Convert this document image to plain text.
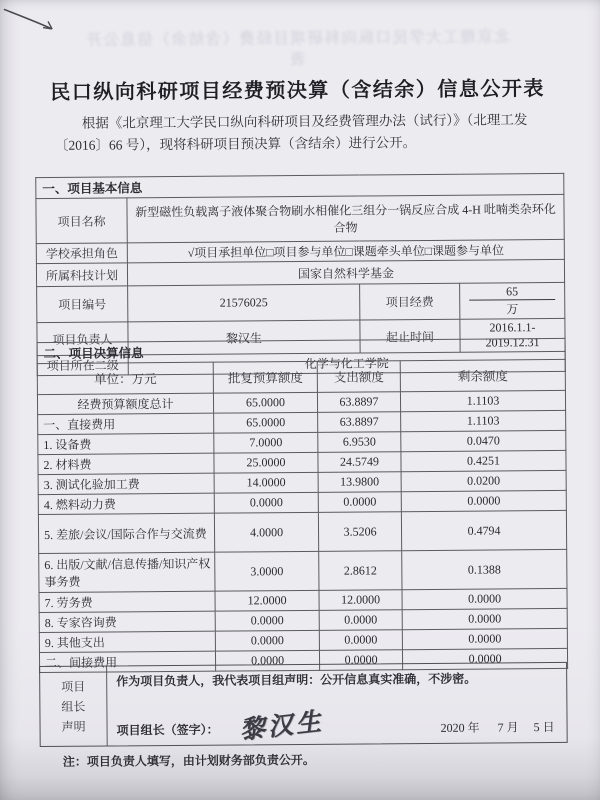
北京理工大学民口纵向科研项目经费（含结余）信息公开表
民口纵向科研项目经费预决算（含结余）信息公开表
根据《北京理工大学民口纵向科研项目及经费管理办法（试行）》（北理工发〔2016〕66 号），现将科研项目预决算（含结余）进行公开。
一、项目基本信息			
项目名称	新型磁性负载离子液体聚合物刷水相催化三组分一锅反应合成 4-H 吡喃类杂环化合物		
学校承担角色	√项目承担单位□项目参与单位□课题牵头单位□课题参与单位		
所属科技计划	国家自然科学基金		
项目编号	21576025	项目经费	65 万
项目负责人	黎汉生	起止时间	2016.1.1-2019.12.31
项目所在二级	化学与化工学院		
二、项目决算信息			
单位：万元	批复预算额度	支出额度	剩余额度
经费预算额度总计	65.0000	63.8897	1.1103
一、直接费用	65.0000	63.8897	1.1103
1. 设备费	7.0000	6.9530	0.0470
2. 材料费	25.0000	24.5749	0.4251
3. 测试化验加工费	14.0000	13.9800	0.0200
4. 燃料动力费	0.0000	0.0000	0.0000
5. 差旅/会议/国际合作与交流费	4.0000	3.5206	0.4794
6. 出版/文献/信息传播/知识产权事务费	3.0000	2.8612	0.1388
7. 劳务费	12.0000	12.0000	0.0000
8. 专家咨询费	0.0000	0.0000	0.0000
9. 其他支出	0.0000	0.0000	0.0000
二、间接费用	0.0000	0.0000	0.0000
项目
组长
声明
作为项目负责人，我代表项目组声明：公开信息真实准确，不涉密。
黎汉生
项目组长（签字）：	2020 年　  7 月　 5 日
注：项目负责人填写，由计划财务部负责公开。
